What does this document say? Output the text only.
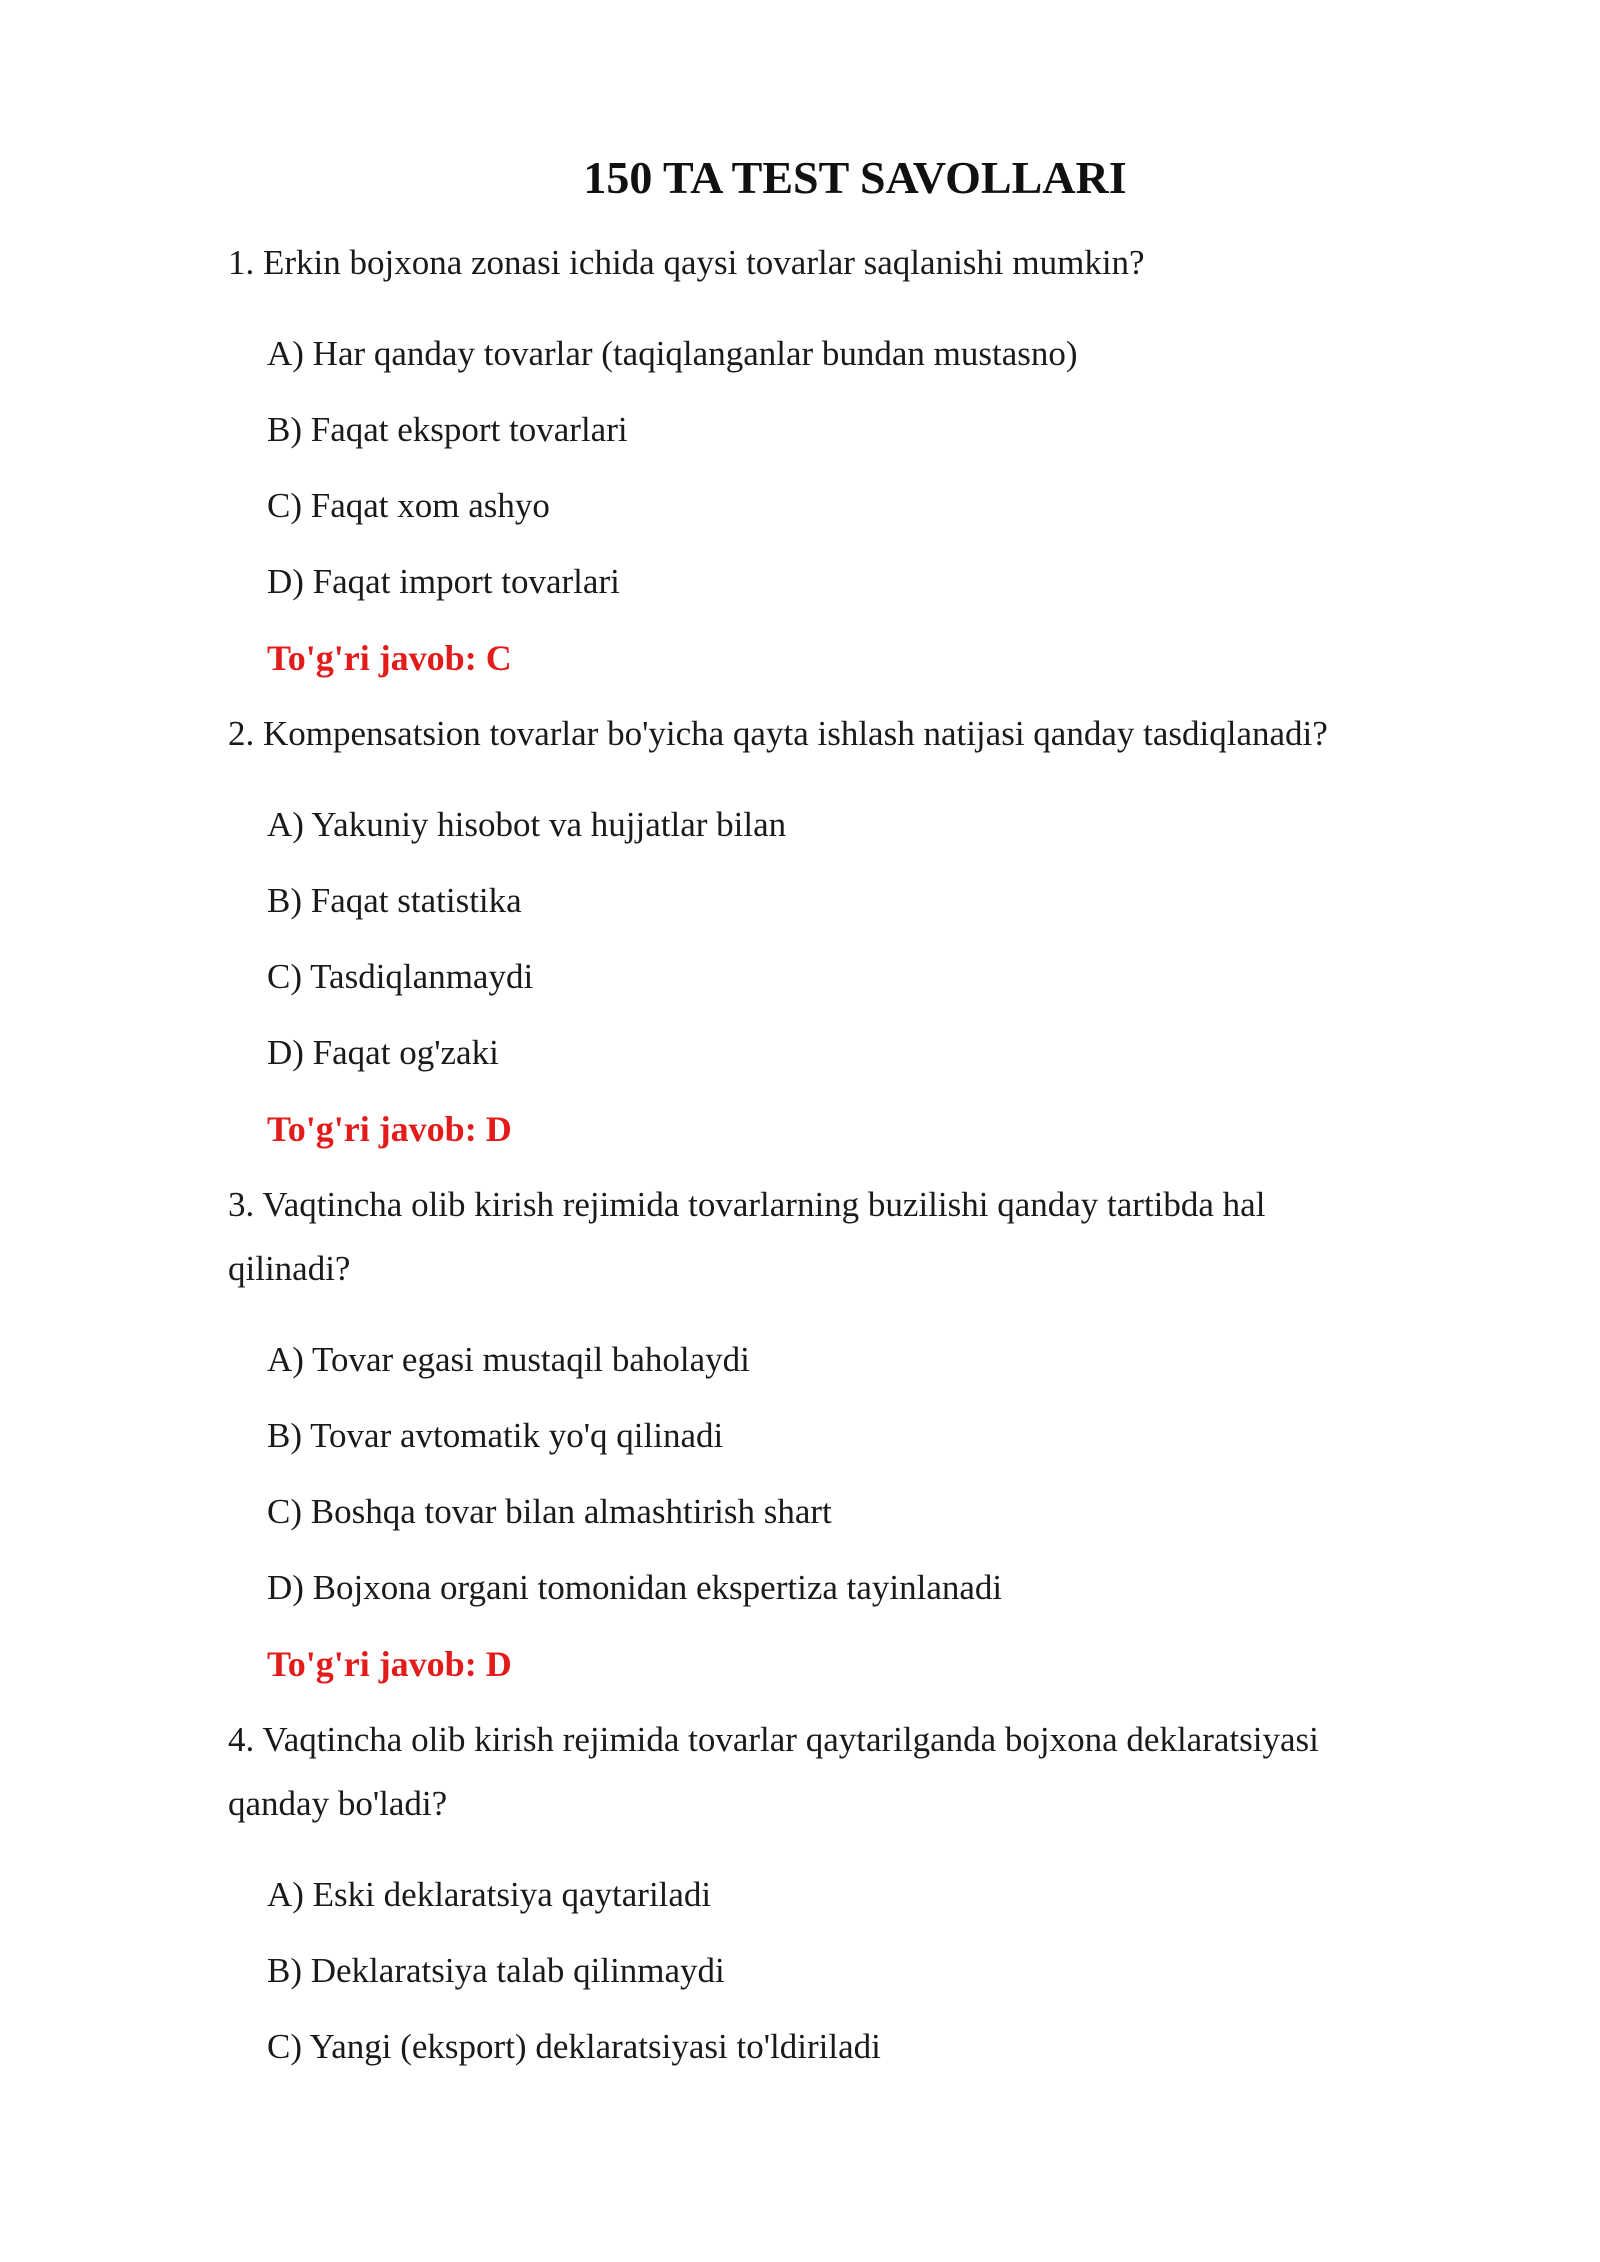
150 TA TEST SAVOLLARI
1. Erkin bojxona zonasi ichida qaysi tovarlar saqlanishi mumkin?
A) Har qanday tovarlar (taqiqlanganlar bundan mustasno)
B) Faqat eksport tovarlari
C) Faqat xom ashyo
D) Faqat import tovarlari
To'g'ri javob: C
2. Kompensatsion tovarlar bo'yicha qayta ishlash natijasi qanday tasdiqlanadi?
A) Yakuniy hisobot va hujjatlar bilan
B) Faqat statistika
C) Tasdiqlanmaydi
D) Faqat og'zaki
To'g'ri javob: D
3. Vaqtincha olib kirish rejimida tovarlarning buzilishi qanday tartibda hal
qilinadi?
A) Tovar egasi mustaqil baholaydi
B) Tovar avtomatik yo'q qilinadi
C) Boshqa tovar bilan almashtirish shart
D) Bojxona organi tomonidan ekspertiza tayinlanadi
To'g'ri javob: D
4. Vaqtincha olib kirish rejimida tovarlar qaytarilganda bojxona deklaratsiyasi
qanday bo'ladi?
A) Eski deklaratsiya qaytariladi
B) Deklaratsiya talab qilinmaydi
C) Yangi (eksport) deklaratsiyasi to'ldiriladi
